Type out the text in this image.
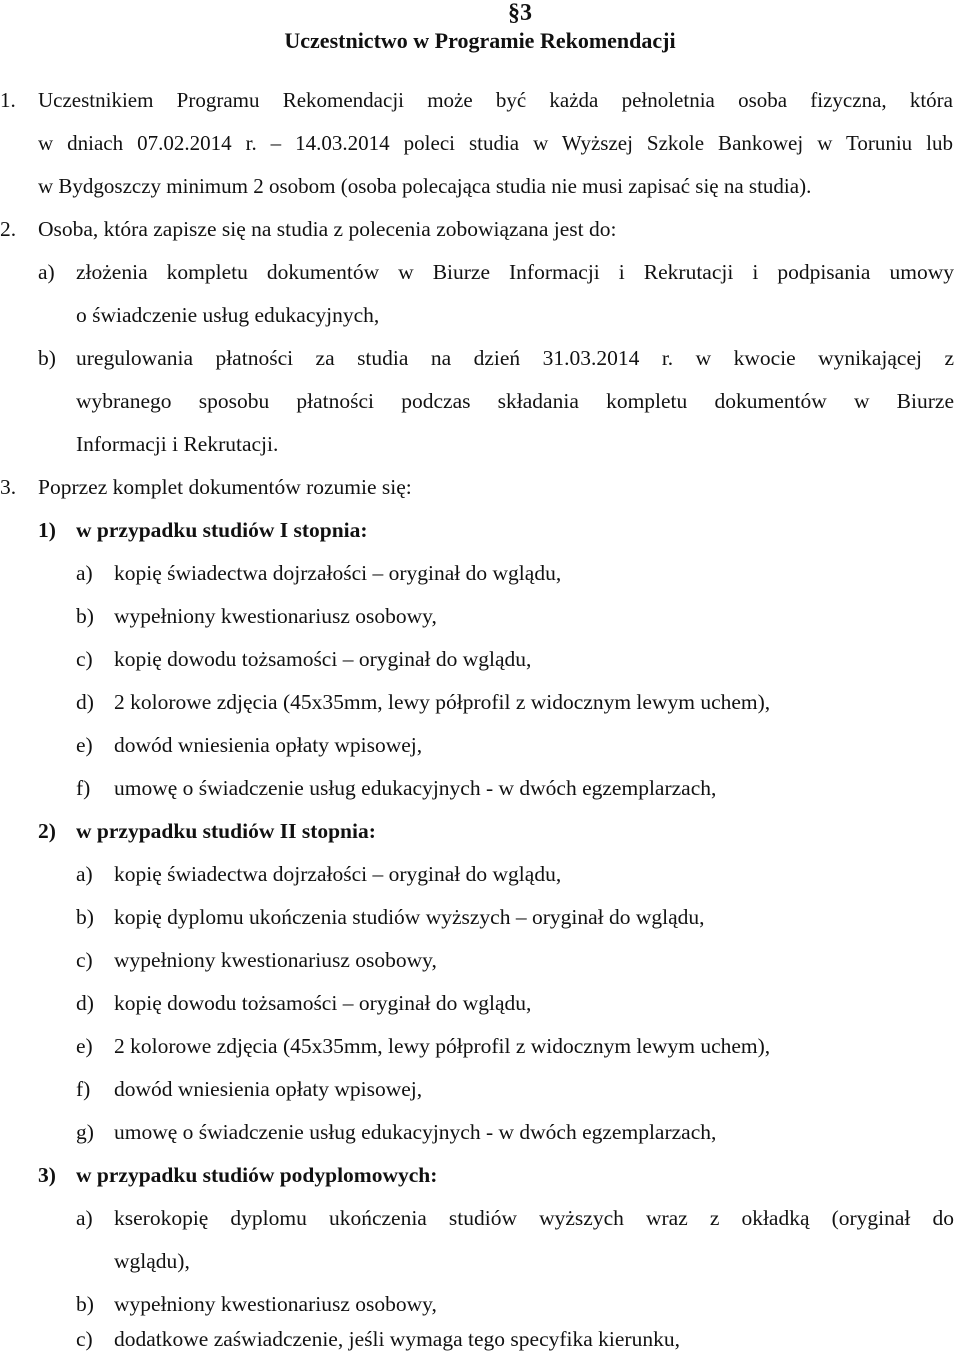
§3
Uczestnictwo w Programie Rekomendacji
1. Uczestnikiem Programu Rekomendacji może być każda pełnoletnia osoba fizyczna, która
w dniach 07.02.2014 r. – 14.03.2014 poleci studia w Wyższej Szkole Bankowej w Toruniu lub
w Bydgoszczy minimum 2 osobom (osoba polecająca studia nie musi zapisać się na studia).
2. Osoba, która zapisze się na studia z polecenia zobowiązana jest do:
a) złożenia kompletu dokumentów w Biurze Informacji i Rekrutacji i podpisania umowy
o świadczenie usług edukacyjnych,
b) uregulowania płatności za studia na dzień 31.03.2014 r. w kwocie wynikającej z
wybranego sposobu płatności podczas składania kompletu dokumentów w Biurze
Informacji i Rekrutacji.
3. Poprzez komplet dokumentów rozumie się:
1) w przypadku studiów I stopnia:
a) kopię świadectwa dojrzałości – oryginał do wglądu,
b) wypełniony kwestionariusz osobowy,
c) kopię dowodu tożsamości – oryginał do wglądu,
d) 2 kolorowe zdjęcia (45x35mm, lewy półprofil z widocznym lewym uchem),
e) dowód wniesienia opłaty wpisowej,
f) umowę o świadczenie usług edukacyjnych - w dwóch egzemplarzach,
2) w przypadku studiów II stopnia:
a) kopię świadectwa dojrzałości – oryginał do wglądu,
b) kopię dyplomu ukończenia studiów wyższych – oryginał do wglądu,
c) wypełniony kwestionariusz osobowy,
d) kopię dowodu tożsamości – oryginał do wglądu,
e) 2 kolorowe zdjęcia (45x35mm, lewy półprofil z widocznym lewym uchem),
f) dowód wniesienia opłaty wpisowej,
g) umowę o świadczenie usług edukacyjnych - w dwóch egzemplarzach,
3) w przypadku studiów podyplomowych:
a) kserokopię dyplomu ukończenia studiów wyższych wraz z okładką (oryginał do
wglądu),
b) wypełniony kwestionariusz osobowy,
c) dodatkowe zaświadczenie, jeśli wymaga tego specyfika kierunku,
